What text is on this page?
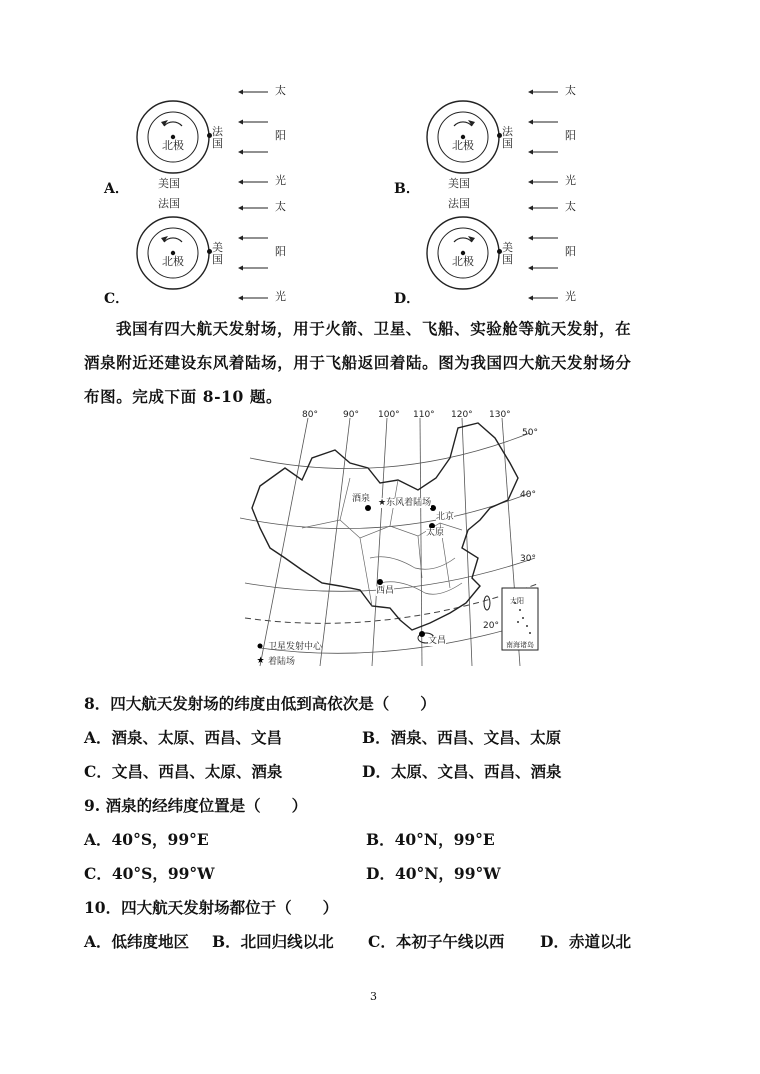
北极
法国
美国
太
阳
光
A．
北极
法国
美国
太
阳
光
B．
北极
法国
美国
太
阳
光
C．
北极
法国
美国
太
阳
光
D．

我国有四大航天发射场，用于火箭、卫星、飞船、实验舱等航天发射，在

酒泉附近还建设东风着陆场，用于飞船返回着陆。图为我国四大航天发射场分

布图。完成下面 8-10 题。

★
80°	90° 100° 110° 120° 130°
50°
40°
30°
20°
酒泉 ★东风着陆场
北京
太原
西昌
文昌
太阳
南海诸岛
卫星发射中心
着陆场
8．四大航天发射场的纬度由低到高依次是（　　）
A．酒泉、太原、西昌、文昌	B．酒泉、西昌、文昌、太原
C．文昌、西昌、太原、酒泉	D．太原、文昌、西昌、酒泉
9. 酒泉的经纬度位置是（　　）
A．40°S，99°E	B．40°N，99°E
C．40°S，99°W	D．40°N，99°W
10．四大航天发射场都位于（　　）
A．低纬度地区 B．北回归线以北 C．本初子午线以西 D．赤道以北
3
